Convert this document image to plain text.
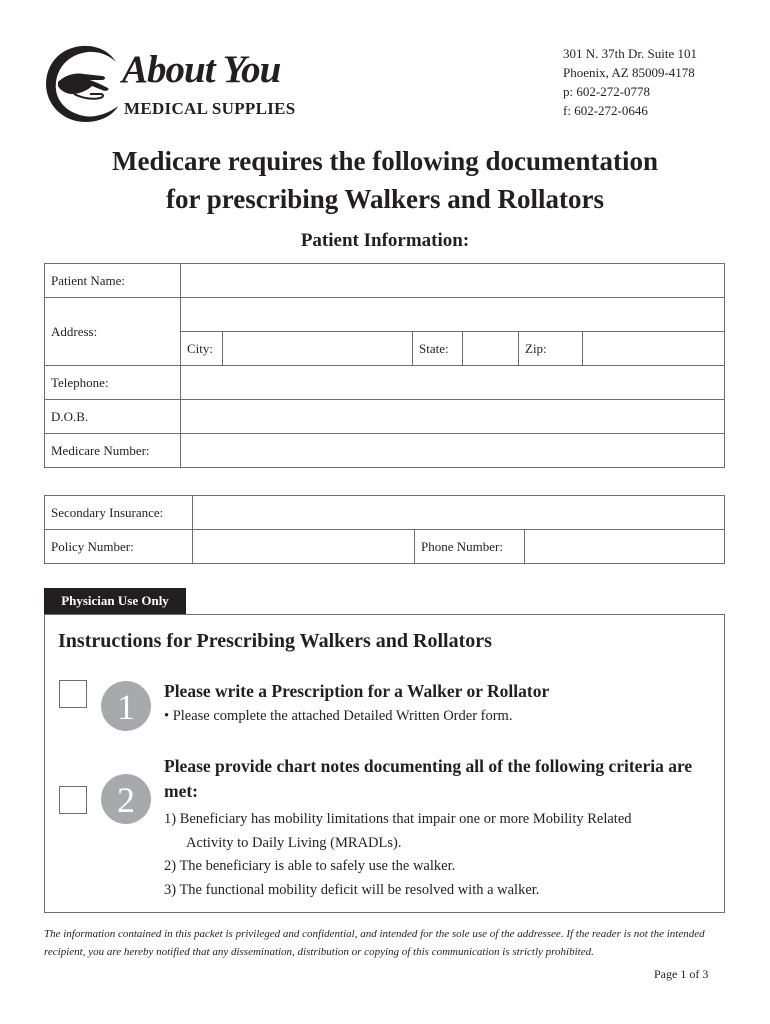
About You
MEDICAL SUPPLIES
301 N. 37th Dr. Suite 101
Phoenix, AZ 85009-4178
p: 602-272-0778
f: 602-272-0646
Medicare requires the following documentation
for prescribing Walkers and Rollators
Patient Information:
Patient Name:						
Address:						
	City:		State:		Zip:	
Telephone:						
D.O.B.						
Medicare Number:						
Secondary Insurance:			
Policy Number:		Phone Number:	
Physician Use Only
Instructions for Prescribing Walkers and Rollators
1	Please write a Prescription for a Walker or Rollator
• Please complete the attached Detailed Written Order form.
2
Please provide chart notes documenting all of the following criteria are met:
1) Beneficiary has mobility limitations that impair one or more Mobility Related
Activity to Daily Living (MRADLs).
2) The beneficiary is able to safely use the walker.
3) The functional mobility deficit will be resolved with a walker.
The information contained in this packet is privileged and confidential, and intended for the sole use of the addressee. If the reader is not the intended recipient, you are hereby notified that any dissemination, distribution or copying of this communication is strictly prohibited.
Page 1 of 3
